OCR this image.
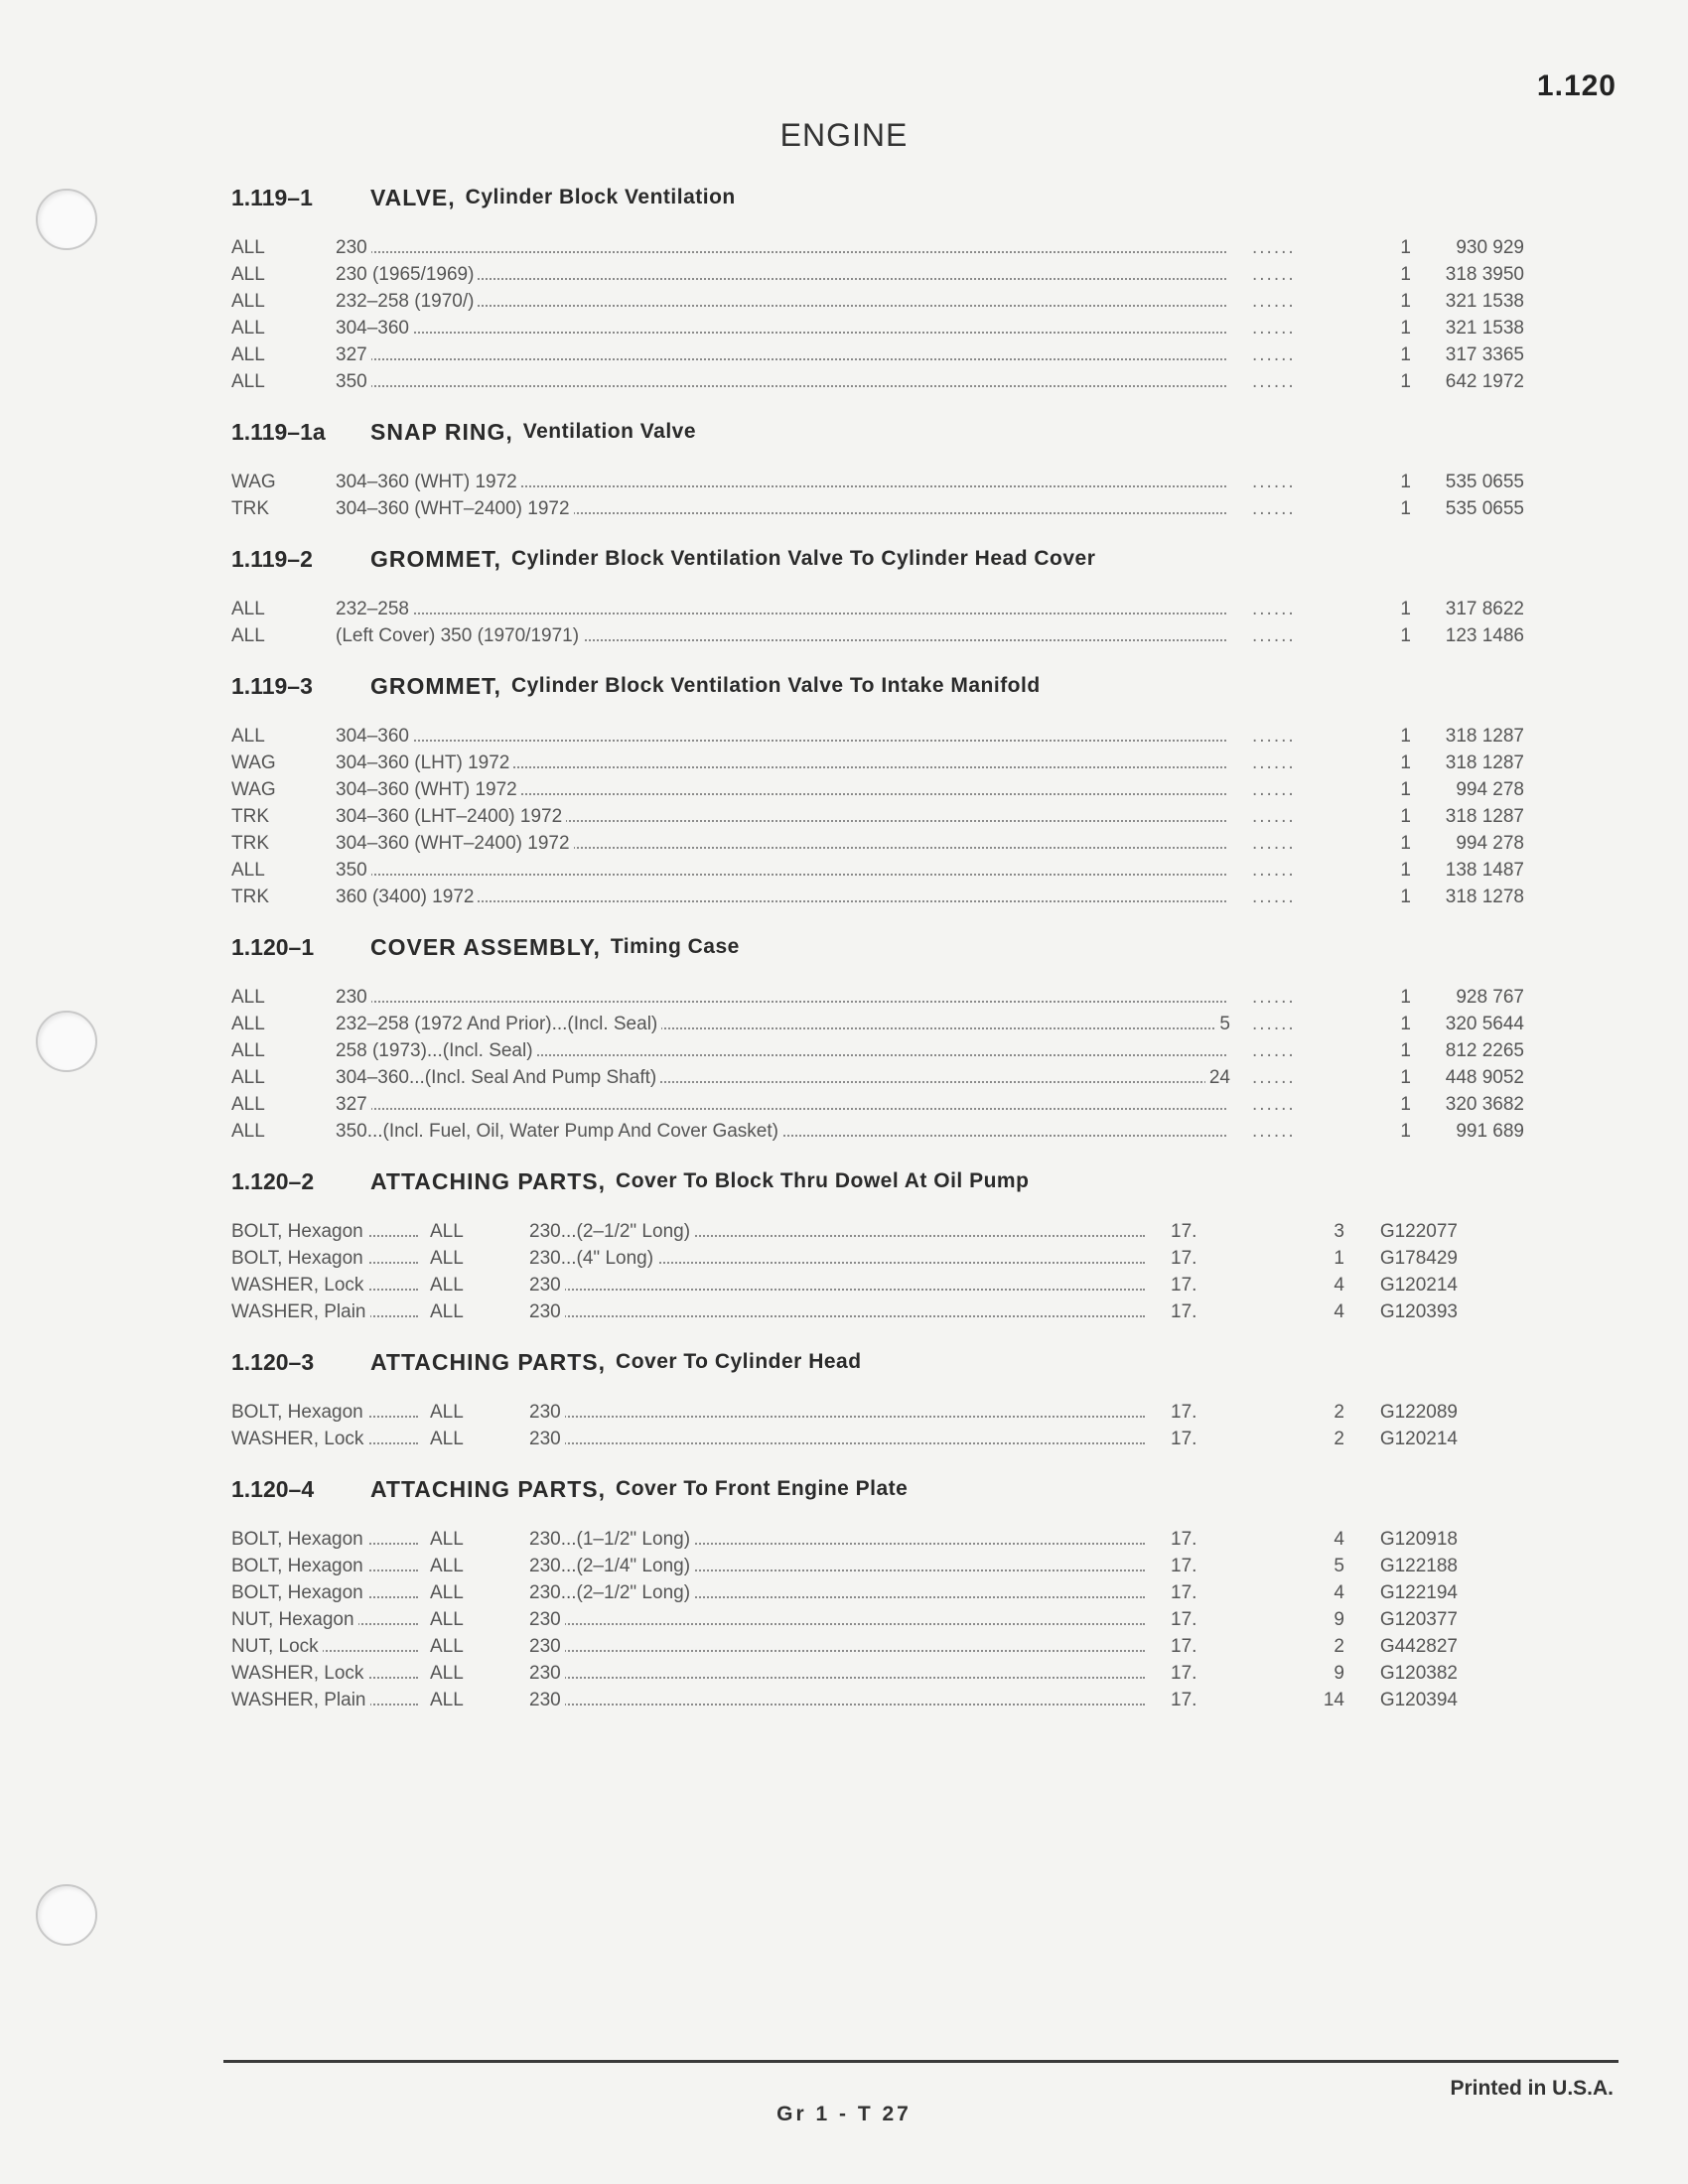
1.120
ENGINE
1.119–1	VALVE, Cylinder Block Ventilation
ALL	230	......	1	930 929
ALL	230 (1965/1969)	......	1	318 3950
ALL	232–258 (1970/)	......	1	321 1538
ALL	304–360	......	1	321 1538
ALL	327	......	1	317 3365
ALL	350	......	1	642 1972
1.119–1a	SNAP RING, Ventilation Valve
WAG	304–360 (WHT) 1972	......	1	535 0655
TRK	304–360 (WHT–2400) 1972	......	1	535 0655
1.119–2	GROMMET, Cylinder Block Ventilation Valve To Cylinder Head Cover
ALL	232–258	......	1	317 8622
ALL	(Left Cover) 350 (1970/1971)	......	1	123 1486
1.119–3	GROMMET, Cylinder Block Ventilation Valve To Intake Manifold
ALL	304–360	......	1	318 1287
WAG	304–360 (LHT) 1972	......	1	318 1287
WAG	304–360 (WHT) 1972	......	1	994 278
TRK	304–360 (LHT–2400) 1972	......	1	318 1287
TRK	304–360 (WHT–2400) 1972	......	1	994 278
ALL	350	......	1	138 1487
TRK	360 (3400) 1972	......	1	318 1278
1.120–1	COVER ASSEMBLY, Timing Case
ALL	230	......	1	928 767
ALL	232–258 (1972 And Prior)...(Incl. Seal)	5	......	1	320 5644
ALL	258 (1973)...(Incl. Seal)	......	1	812 2265
ALL	304–360...(Incl. Seal And Pump Shaft)	24	......	1	448 9052
ALL	327	......	1	320 3682
ALL	350...(Incl. Fuel, Oil, Water Pump And Cover Gasket)	......	1	991 689
1.120–2	ATTACHING PARTS, Cover To Block Thru Dowel At Oil Pump
BOLT, Hexagon	ALL	230...(2–1/2" Long)	17.	3	G122077
BOLT, Hexagon	ALL	230...(4" Long)	17.	1	G178429
WASHER, Lock	ALL	230	17.	4	G120214
WASHER, Plain	ALL	230	17.	4	G120393
1.120–3	ATTACHING PARTS, Cover To Cylinder Head
BOLT, Hexagon	ALL	230	17.	2	G122089
WASHER, Lock	ALL	230	17.	2	G120214
1.120–4	ATTACHING PARTS, Cover To Front Engine Plate
BOLT, Hexagon	ALL	230...(1–1/2" Long)	17.	4	G120918
BOLT, Hexagon	ALL	230...(2–1/4" Long)	17.	5	G122188
BOLT, Hexagon	ALL	230...(2–1/2" Long)	17.	4	G122194
NUT, Hexagon	ALL	230	17.	9	G120377
NUT, Lock	ALL	230	17.	2	G442827
WASHER, Lock	ALL	230	17.	9	G120382
WASHER, Plain	ALL	230	17.	14	G120394
Printed in U.S.A.
Gr 1 - T 27
